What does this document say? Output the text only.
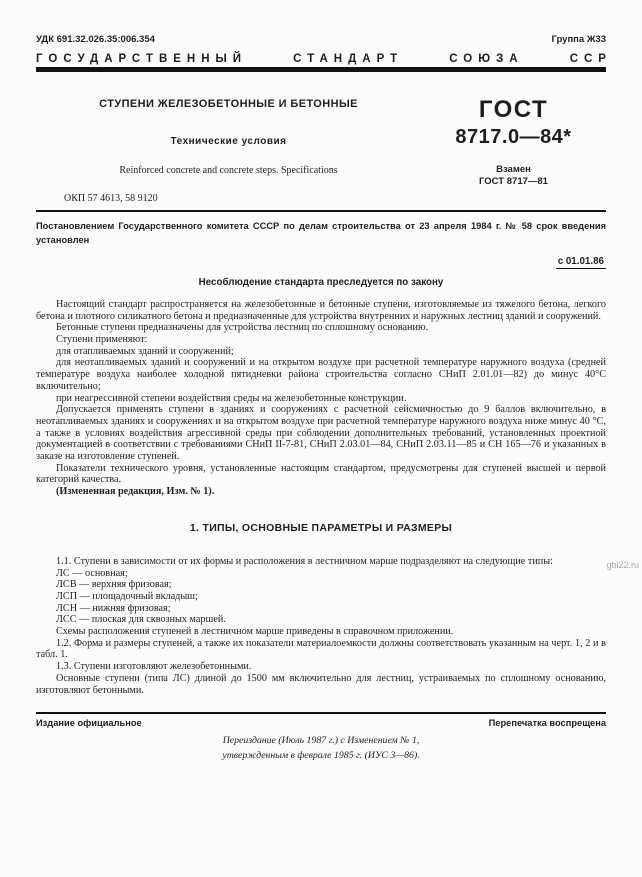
УДК 691.32.026.35:006.354	Группа Ж33
ГОСУДАРСТВЕННЫЙ	СТАНДАРТ	СОЮЗА	ССР
СТУПЕНИ ЖЕЛЕЗОБЕТОННЫЕ И БЕТОННЫЕ
Технические условия
Reinforced concrete and concrete steps. Specifications
ГОСТ
8717.0—84*
Взамен
ГОСТ 8717—81
ОКП 57 4613, 58 9120
Постановлением Государственного комитета СССР по делам строительства от 23 апреля 1984 г. № 58 срок введения установлен
с 01.01.86
Несоблюдение стандарта преследуется по закону

Настоящий стандарт распространяется на железобетонные и бетонные ступени, изготовляемые из тяжелого бетона, легкого бетона и плотного силикатного бетона и предназначенные для устройства внутренних и наружных лестниц зданий и сооружений.

Бетонные ступени предназначены для устройства лестниц по сплошному основанию.

Ступени применяют:

для отапливаемых зданий и сооружений;

для неотапливаемых зданий и сооружений и на открытом воздухе при расчетной температуре наружного воздуха (средней температуре воздуха наиболее холодной пятидневки района строительства согласно СНиП 2.01.01—82) до минус 40°С включительно;

при неагрессивной степени воздействия среды на железобетонные конструкции.

Допускается применять ступени в зданиях и сооружениях с расчетной сейсмичностью до 9 баллов включительно, в неотапливаемых зданиях и сооружениях и на открытом воздухе при расчетной температуре наружного воздуха ниже минус 40 °С, а также в условиях воздействия агрессивной среды при соблюдении дополнительных требований, установленных проектной документацией в соответствии с требованиями СНиП II-7-81, СНиП 2.03.01—84, СНиП 2.03.11—85 и СН 165—76 и указанных в заказе на изготовление ступеней.

Показатели технического уровня, установленные настоящим стандартом, предусмотрены для ступеней высшей и первой категорий качества.

(Измененная редакция, Изм. № 1).

1. ТИПЫ, ОСНОВНЫЕ ПАРАМЕТРЫ И РАЗМЕРЫ

1.1. Ступени в зависимости от их формы и расположения в лестничном марше подразделяют на следующие типы:

ЛС — основная;

ЛСВ — верхняя фризовая;

ЛСП — площадочный вкладыш;

ЛСН — нижняя фризовая;

ЛСС — плоская для сквозных маршей.

Схемы расположения ступеней в лестничном марше приведены в справочном приложении.

1.2. Форма и размеры ступеней, а также их показатели материалоемкости должны соответствовать указанным на черт. 1, 2 и в табл. 1.

1.3. Ступени изготовляют железобетонными.

Основные ступени (типа ЛС) длиной до 1500 мм включительно для лестниц, устраиваемых по сплошному основанию, изготовляют бетонными.

Издание официальное	Перепечатка воспрещена
Переиздание (Июль 1987 г.) с Изменением № 1,
утвержденным в феврале 1985 г. (ИУС 3—86).
gbi22.ru
